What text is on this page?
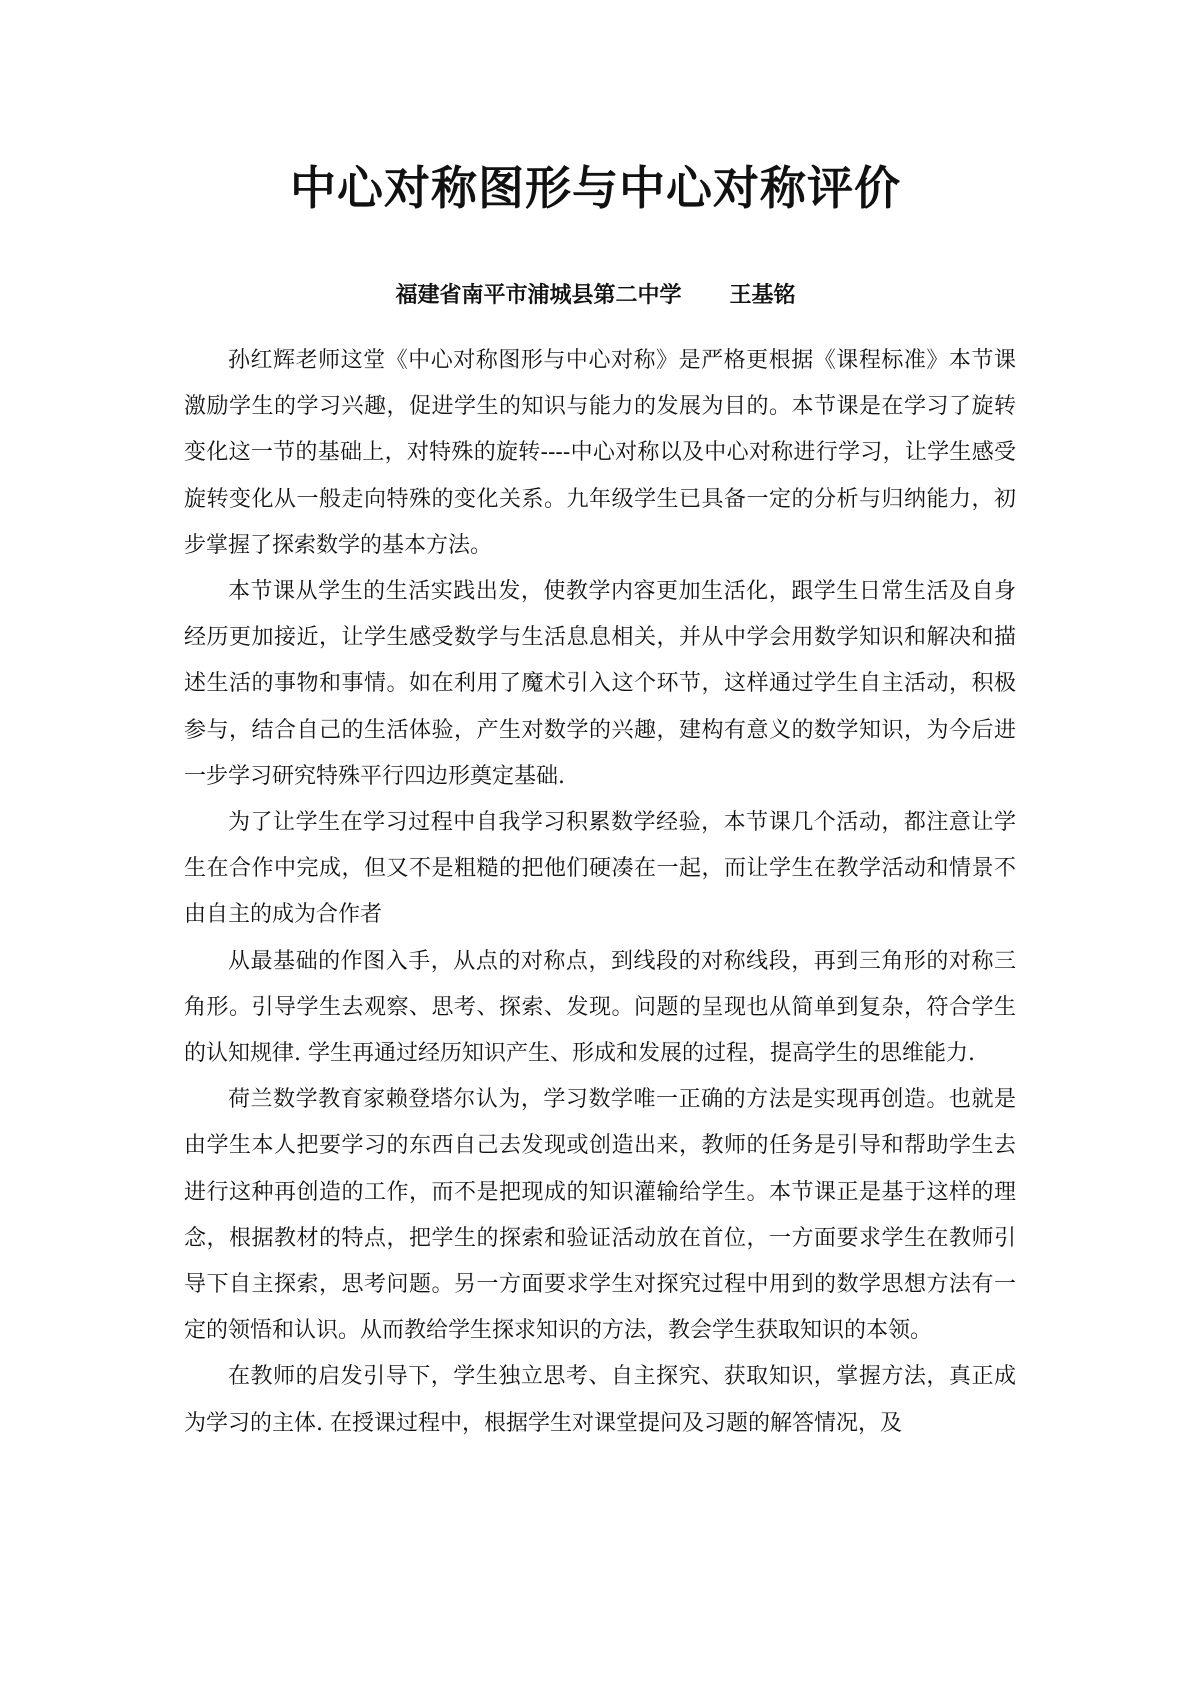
中心对称图形与中心对称评价
福建省南平市浦城县第二中学 王基铭

孙红辉老师这堂《中心对称图形与中心对称》是严格更根据《课程标准》本节课激励学生的学习兴趣，促进学生的知识与能力的发展为目的。本节课是在学习了旋转变化这一节的基础上，对特殊的旋转----中心对称以及中心对称进行学习，让学生感受旋转变化从一般走向特殊的变化关系。九年级学生已具备一定的分析与归纳能力，初步掌握了探索数学的基本方法。

本节课从学生的生活实践出发，使教学内容更加生活化，跟学生日常生活及自身经历更加接近，让学生感受数学与生活息息相关，并从中学会用数学知识和解决和描述生活的事物和事情。如在利用了魔术引入这个环节，这样通过学生自主活动，积极参与，结合自己的生活体验，产生对数学的兴趣，建构有意义的数学知识，为今后进一步学习研究特殊平行四边形奠定基础.

为了让学生在学习过程中自我学习积累数学经验，本节课几个活动，都注意让学生在合作中完成，但又不是粗糙的把他们硬凑在一起，而让学生在教学活动和情景不由自主的成为合作者

从最基础的作图入手，从点的对称点，到线段的对称线段，再到三角形的对称三角形。引导学生去观察、思考、探索、发现。问题的呈现也从简单到复杂，符合学生的认知规律. 学生再通过经历知识产生、形成和发展的过程，提高学生的思维能力.

荷兰数学教育家赖登塔尔认为，学习数学唯一正确的方法是实现再创造。也就是由学生本人把要学习的东西自己去发现或创造出来，教师的任务是引导和帮助学生去进行这种再创造的工作，而不是把现成的知识灌输给学生。本节课正是基于这样的理念，根据教材的特点，把学生的探索和验证活动放在首位，一方面要求学生在教师引导下自主探索，思考问题。另一方面要求学生对探究过程中用到的数学思想方法有一定的领悟和认识。从而教给学生探求知识的方法，教会学生获取知识的本领。

在教师的启发引导下，学生独立思考、自主探究、获取知识，掌握方法，真正成为学习的主体. 在授课过程中，根据学生对课堂提问及习题的解答情况，及
